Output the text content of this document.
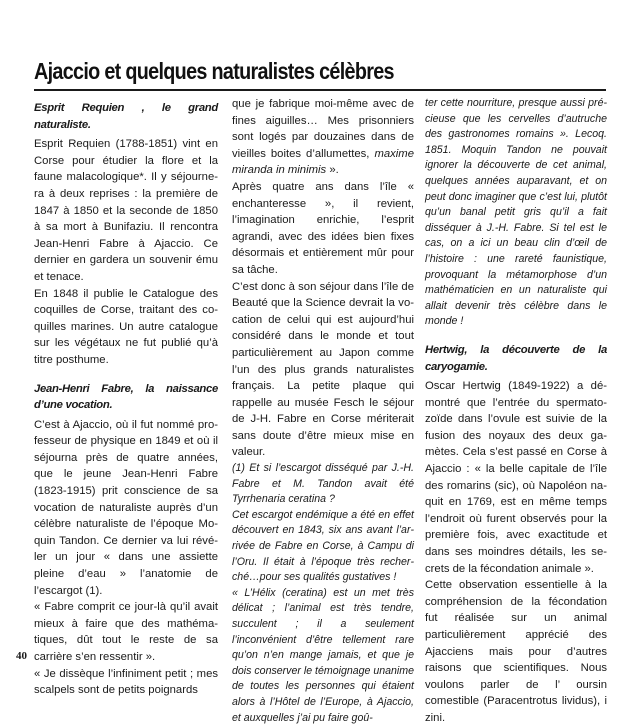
Ajaccio et quelques naturalistes célèbres

Esprit Requien , le grand naturaliste.

Esprit Requien (1788-1851) vint en Corse pour étudier la flore et la faune malacologique*. Il y séjournera à deux reprises : la première de 1847 à 1850 et la seconde de 1850 à sa mort à Bunifaziu. Il rencontra Jean-Henri Fabre à Ajaccio. Ce dernier en gardera un souvenir ému et tenace.

En 1848 il publie le Catalogue des coquilles de Corse, traitant des coquilles marines. Un autre catalogue sur les végétaux ne fut publié qu’à titre posthume.

Jean-Henri Fabre, la naissance d’une vocation.

C’est à Ajaccio, où il fut nommé professeur de physique en 1849 et où il séjourna près de quatre années, que le jeune Jean-Henri Fabre (1823-1915) prit conscience de sa vocation de naturaliste auprès d’un célèbre naturaliste de l’époque Moquin Tandon. Ce dernier va lui révéler un jour « dans une assiette pleine d’eau » l’anatomie de l’escargot (1).

« Fabre comprit ce jour-là qu’il avait mieux à faire que des mathématiques, dût tout le reste de sa carrière s’en ressentir ».

« Je dissèque l’infiniment petit ; mes scalpels sont de petits poignards

que je fabrique moi-même avec de fines aiguilles… Mes prisonniers sont logés par douzaines dans de vieilles boites d’allumettes, maxime miranda in minimis ».

Après quatre ans dans l’île « enchanteresse », il revient, l’imagination enrichie, l’esprit agrandi, avec des idées bien fixes désormais et entièrement mûr pour sa tâche.

C’est donc à son séjour dans l’île de Beauté que la Science devrait la vocation de celui qui est aujourd’hui considéré dans le monde et tout particulièrement au Japon comme l’un des plus grands naturalistes français. La petite plaque qui rappelle au musée Fesch le séjour de J-H. Fabre en Corse mériterait sans doute d’être mieux mise en valeur.

(1) Et si l’escargot disséqué par J.-H. Fabre et M. Tandon avait été Tyrrhenaria ceratina ?

Cet escargot endémique a été en effet découvert en 1843, six ans avant l’arrivée de Fabre en Corse, à Campu di l’Oru. Il était à l’époque très recherché…pour ses qualités gustatives !

« L’Hélix (ceratina) est un met très délicat ; l’animal est très tendre, succulent ; il a seulement l’inconvénient d’être tellement rare qu’on n’en mange jamais, et que je dois conserver le témoignage unanime de toutes les personnes qui étaient alors à l’Hôtel de l’Europe, à Ajaccio, et auxquelles j’ai pu faire goû-

ter cette nourriture, presque aussi précieuse que les cervelles d’autruche des gastronomes romains ». Lecoq. 1851. Moquin Tandon ne pouvait ignorer la découverte de cet animal, quelques années auparavant, et on peut donc imaginer que c’est lui, plutôt qu’un banal petit gris qu’il a fait disséquer à J.-H. Fabre. Si tel est le cas, on a ici un beau clin d’œil de l’histoire : une rareté faunistique, provoquant la métamorphose d’un mathématicien en un naturaliste qui allait devenir très célèbre dans le monde !

Hertwig, la découverte de la caryogamie.

Oscar Hertwig (1849-1922) a démontré que l’entrée du spermatozoïde dans l’ovule est suivie de la fusion des noyaux des deux gamètes. Cela s’est passé en Corse à Ajaccio : « la belle capitale de l’île des romarins (sic), où Napoléon naquit en 1769, est en même temps l’endroit où furent observés pour la première fois, avec exactitude et dans ses moindres détails, les secrets de la fécondation animale ».

Cette observation essentielle à la compréhension de la fécondation fut réalisée sur un animal particulièrement apprécié des Ajacciens mais pour d’autres raisons que scientifiques. Nous voulons parler de l’ oursin comestible (Paracentrotus lividus), i zini.

40
